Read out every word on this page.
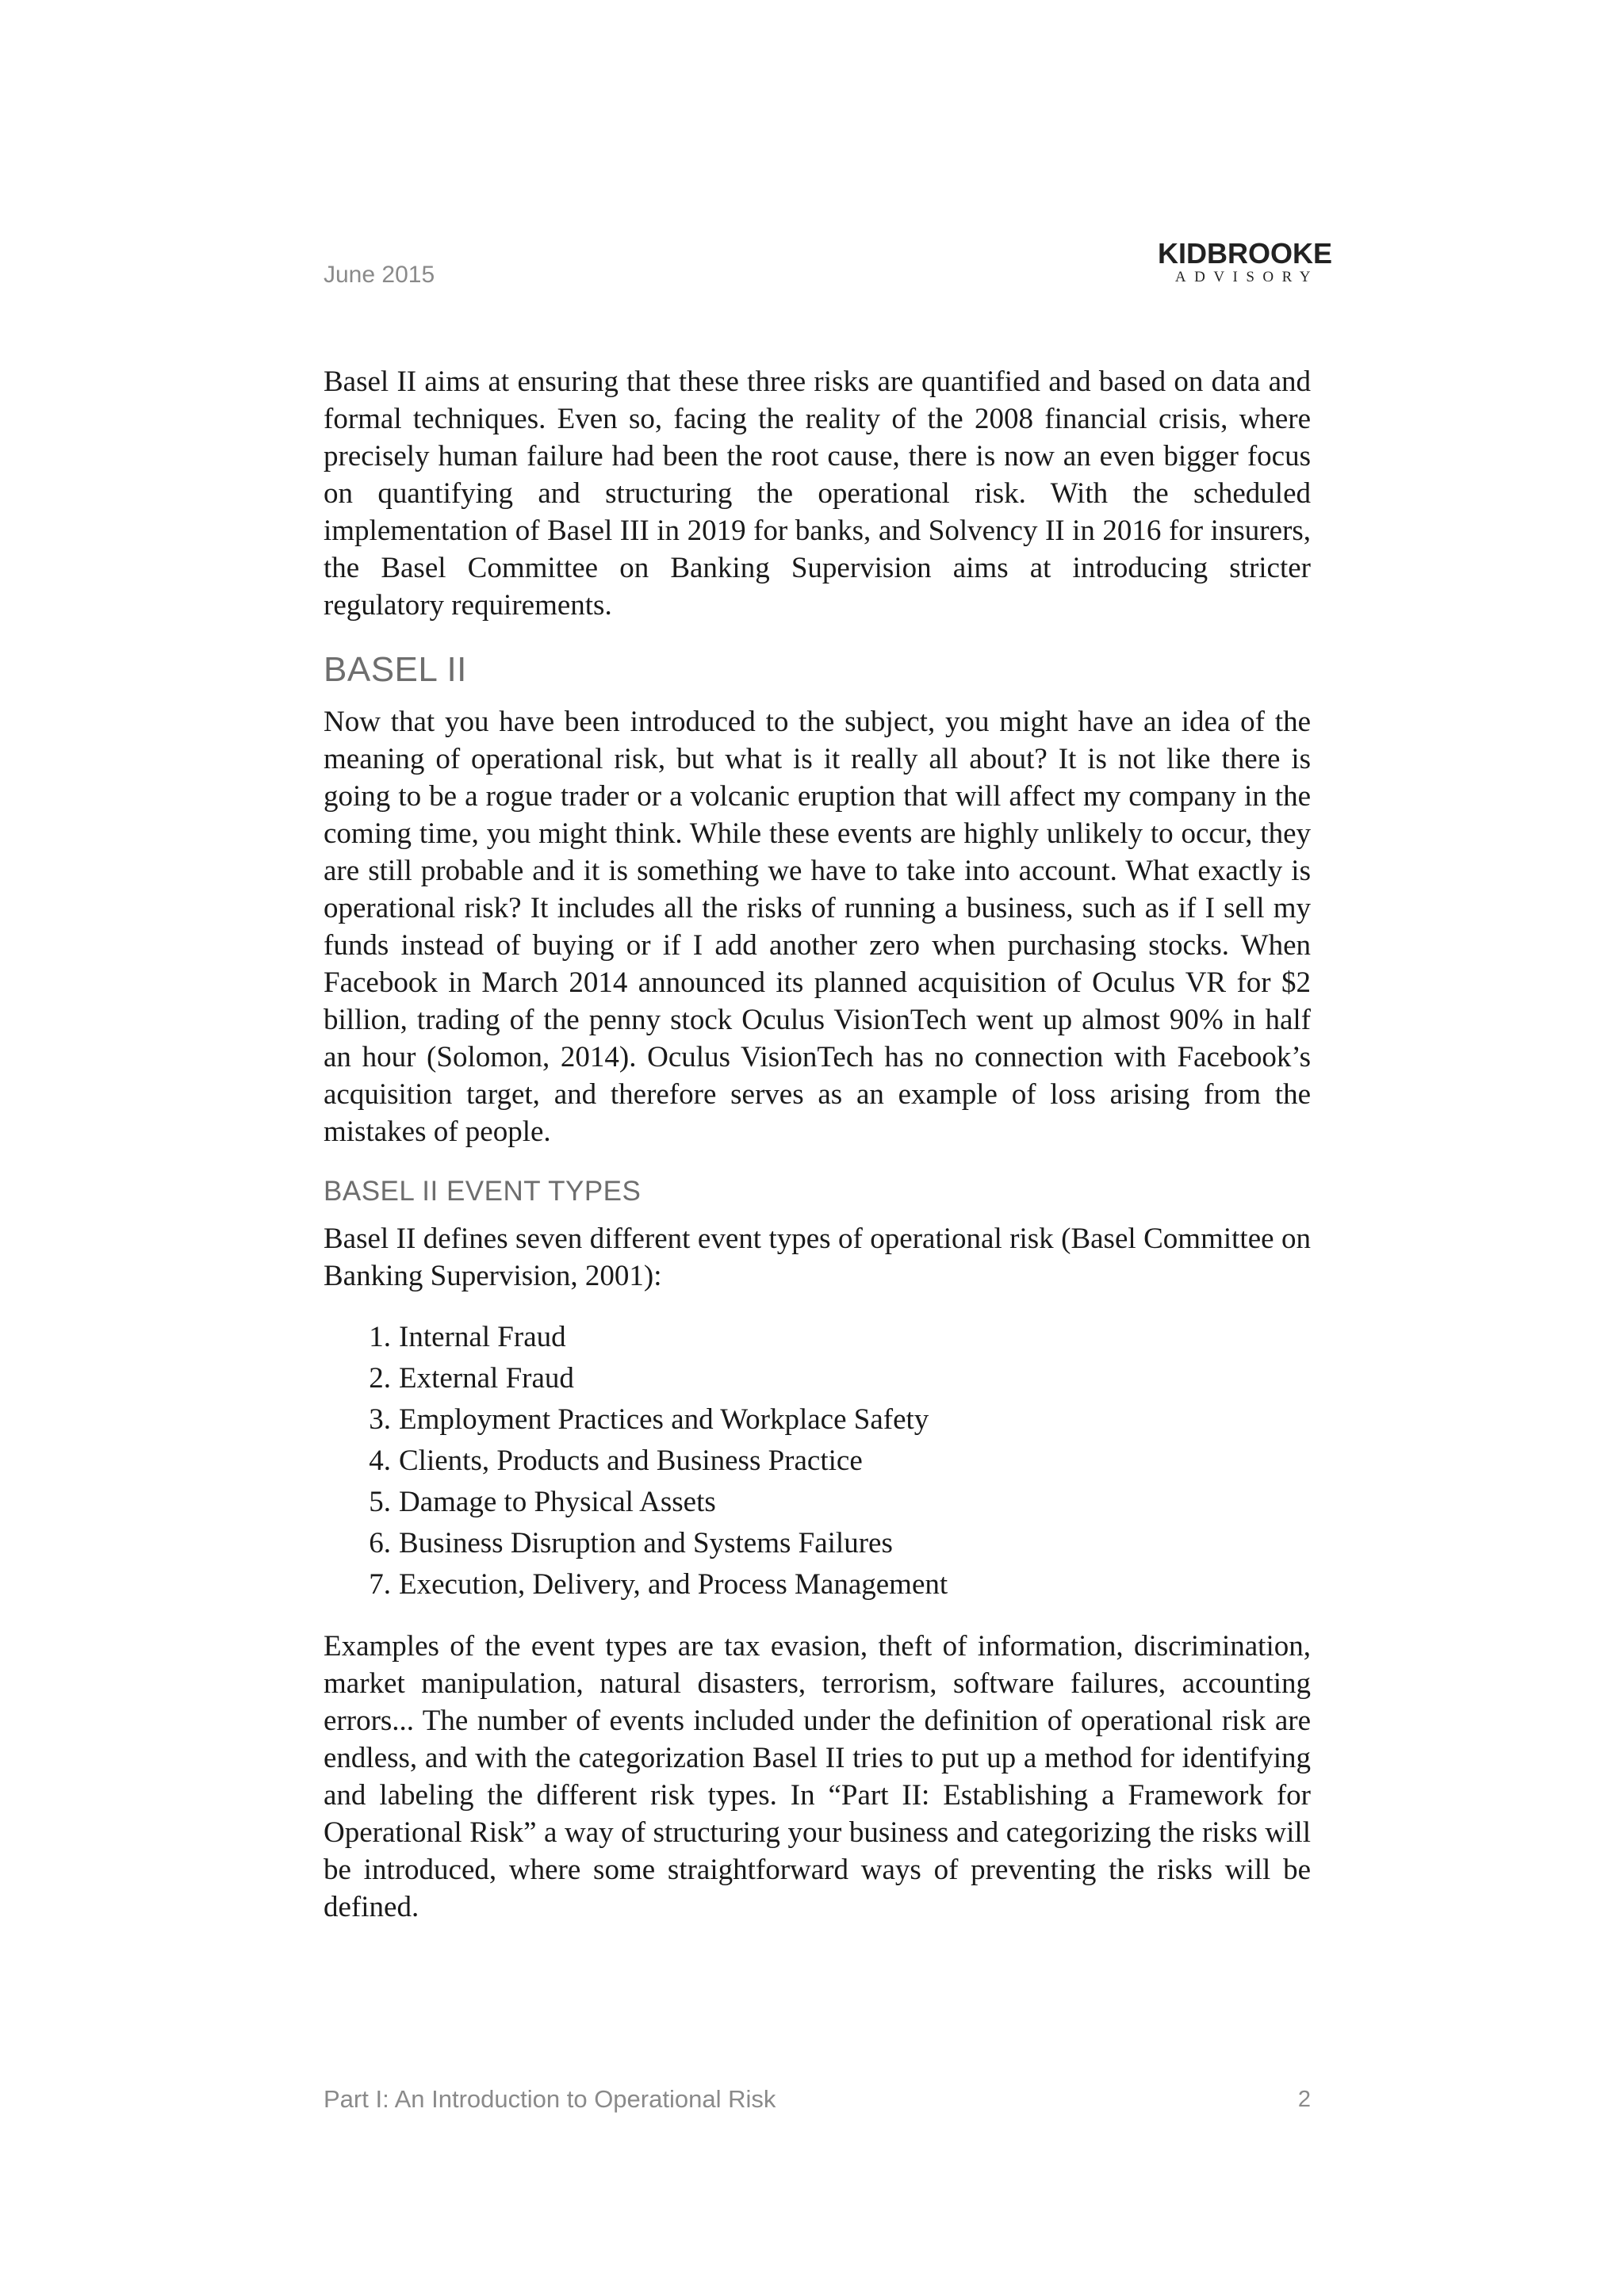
June 2015
KIDBROOKE
ADVISORY

Basel II aims at ensuring that these three risks are quantified and based on data and formal techniques. Even so, facing the reality of the 2008 financial crisis, where precisely human failure had been the root cause, there is now an even bigger focus on quantifying and structuring the operational risk. With the scheduled implementation of Basel III in 2019 for banks, and Solvency II in 2016 for insurers, the Basel Committee on Banking Supervision aims at introducing stricter regulatory requirements.

BASEL II

Now that you have been introduced to the subject, you might have an idea of the meaning of operational risk, but what is it really all about? It is not like there is going to be a rogue trader or a volcanic eruption that will affect my company in the coming time, you might think. While these events are highly unlikely to occur, they are still probable and it is something we have to take into account. What exactly is operational risk? It includes all the risks of running a business, such as if I sell my funds instead of buying or if I add another zero when purchasing stocks. When Facebook in March 2014 announced its planned acquisition of Oculus VR for $2 billion, trading of the penny stock Oculus VisionTech went up almost 90% in half an hour (Solomon, 2014). Oculus VisionTech has no connection with Facebook’s acquisition target, and therefore serves as an example of loss arising from the mistakes of people.

BASEL II EVENT TYPES

Basel II defines seven different event types of operational risk (Basel Committee on Banking Supervision, 2001):

1. Internal Fraud
2. External Fraud
3. Employment Practices and Workplace Safety
4. Clients, Products and Business Practice
5. Damage to Physical Assets
6. Business Disruption and Systems Failures
7. Execution, Delivery, and Process Management

Examples of the event types are tax evasion, theft of information, discrimination, market manipulation, natural disasters, terrorism, software failures, accounting errors... The number of events included under the definition of operational risk are endless, and with the categorization Basel II tries to put up a method for identifying and labeling the different risk types. In “Part II: Establishing a Framework for Operational Risk” a way of structuring your business and categorizing the risks will be introduced, where some straightforward ways of preventing the risks will be defined.

Part I: An Introduction to Operational Risk	2
